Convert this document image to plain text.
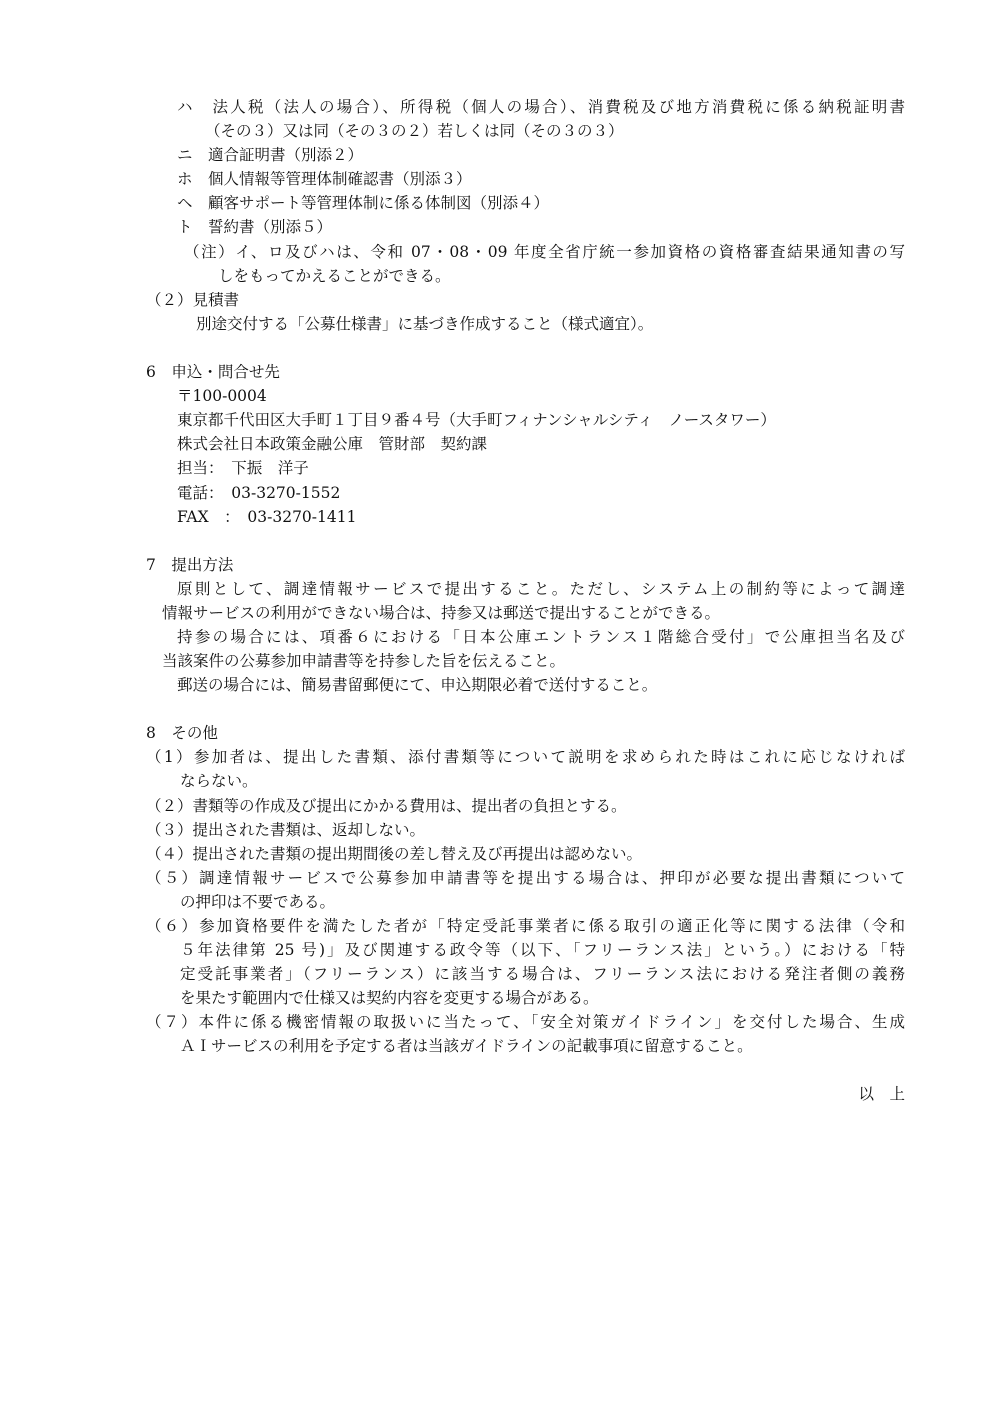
ハ　法人税（法人の場合）、所得税（個人の場合）、消費税及び地方消費税に係る納税証明書
（その３）又は同（その３の２）若しくは同（その３の３）
ニ　適合証明書（別添２）
ホ　個人情報等管理体制確認書（別添３）
ヘ　顧客サポート等管理体制に係る体制図（別添４）
ト　誓約書（別添５）
（注）イ、ロ及びハは、令和 07・08・09 年度全省庁統一参加資格の資格審査結果通知書の写
しをもってかえることができる。
（２）見積書
別途交付する「公募仕様書」に基づき作成すること（様式適宜）。
6　申込・問合せ先
〒100-0004
東京都千代田区大手町１丁目９番４号（大手町フィナンシャルシティ　ノースタワー）
株式会社日本政策金融公庫　管財部　契約課
担当：　下振　洋子
電話：　03-3270-1552
FAX　：　03-3270-1411
7　提出方法
原則として、調達情報サービスで提出すること。ただし、システム上の制約等によって調達
情報サービスの利用ができない場合は、持参又は郵送で提出することができる。
持参の場合には、項番６における「日本公庫エントランス１階総合受付」で公庫担当名及び
当該案件の公募参加申請書等を持参した旨を伝えること。
郵送の場合には、簡易書留郵便にて、申込期限必着で送付すること。
8　その他
（1）参加者は、提出した書類、添付書類等について説明を求められた時はこれに応じなければ
ならない。
（２）書類等の作成及び提出にかかる費用は、提出者の負担とする。
（３）提出された書類は、返却しない。
（４）提出された書類の提出期間後の差し替え及び再提出は認めない。
（５）調達情報サービスで公募参加申請書等を提出する場合は、押印が必要な提出書類について
の押印は不要である。
（６）参加資格要件を満たした者が「特定受託事業者に係る取引の適正化等に関する法律（令和
５年法律第 25 号)」及び関連する政令等（以下、「フリーランス法」という。）における「特
定受託事業者」（フリーランス）に該当する場合は、フリーランス法における発注者側の義務
を果たす範囲内で仕様又は契約内容を変更する場合がある。
（７）本件に係る機密情報の取扱いに当たって、「安全対策ガイドライン」を交付した場合、生成
ＡＩサービスの利用を予定する者は当該ガイドラインの記載事項に留意すること。
以　上
